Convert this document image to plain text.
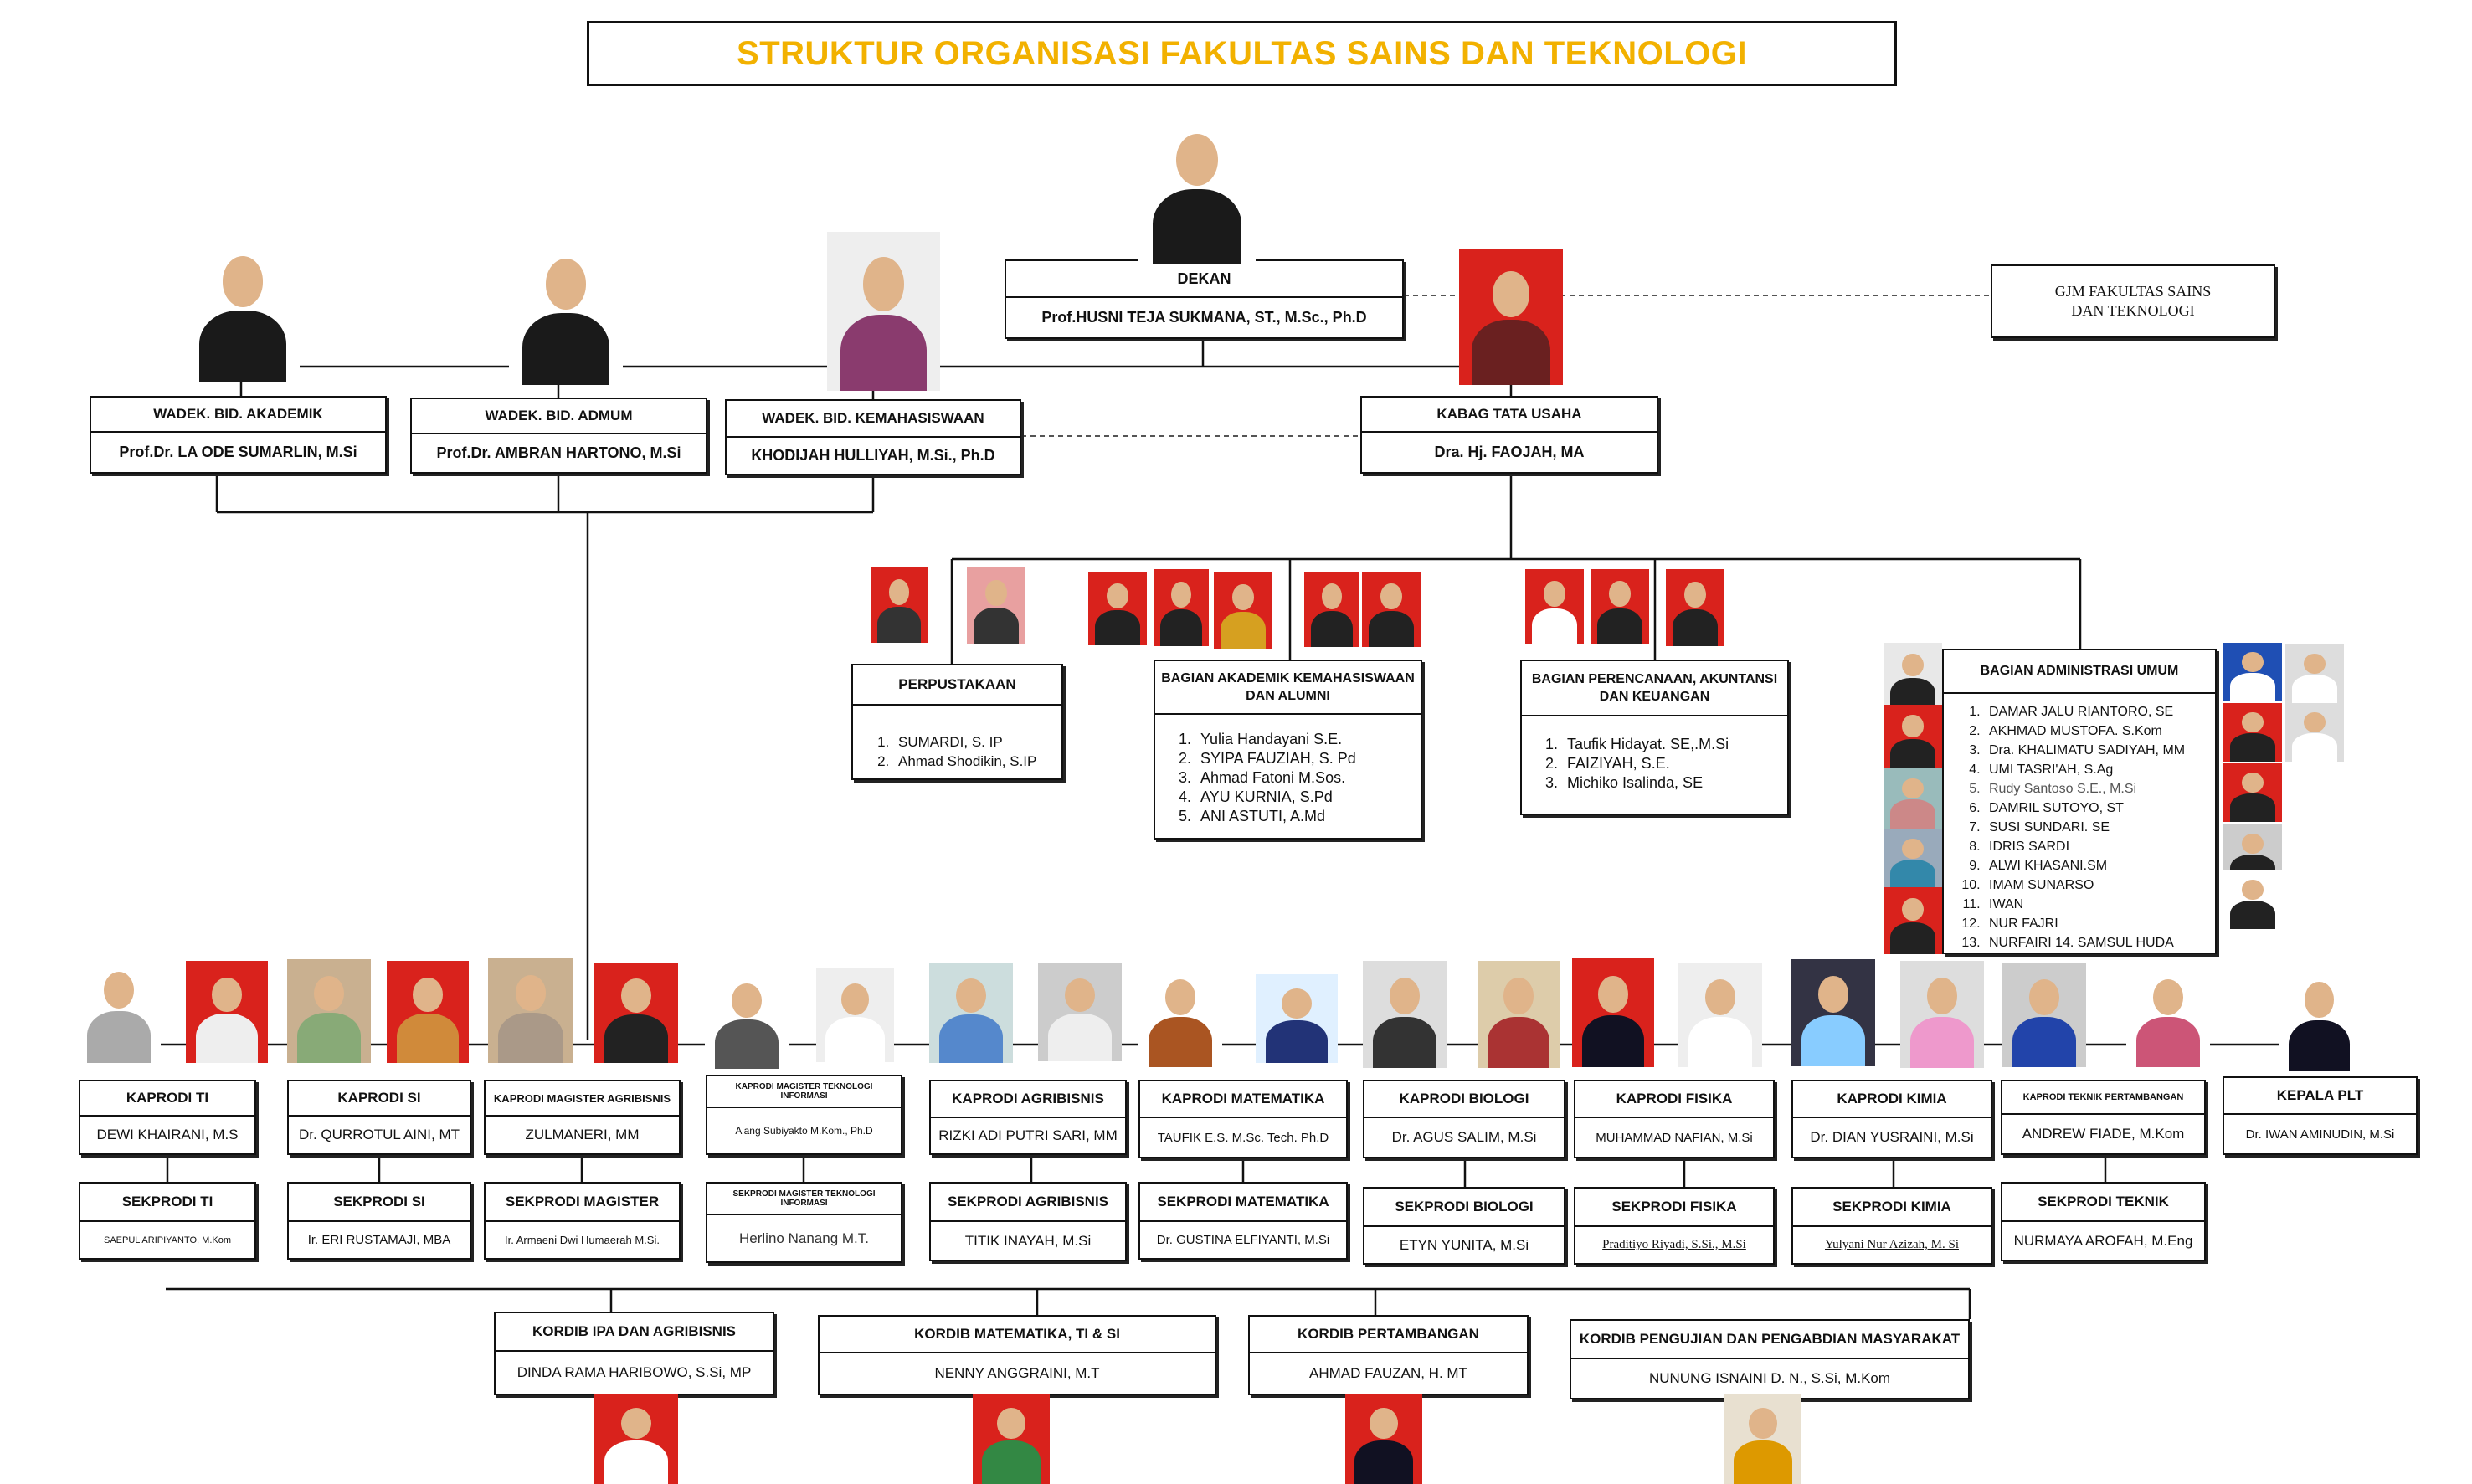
STRUKTUR ORGANISASI FAKULTAS SAINS DAN TEKNOLOGI
GJM FAKULTAS SAINS DAN TEKNOLOGI
DEKAN
Prof.HUSNI TEJA SUKMANA, ST., M.Sc., Ph.D
WADEK. BID. AKADEMIK
Prof.Dr. LA ODE SUMARLIN, M.Si
WADEK. BID. ADMUM
Prof.Dr. AMBRAN HARTONO, M.Si
WADEK. BID. KEMAHASISWAAN
KHODIJAH HULLIYAH, M.Si., Ph.D
KABAG TATA USAHA
Dra. Hj. FAOJAH, MA
PERPUSTAKAAN
1. SUMARDI, S. IP
2. Ahmad Shodikin, S.IP
BAGIAN AKADEMIK KEMAHASISWAAN DAN ALUMNI
1. Yulia Handayani S.E.
2. SYIPA FAUZIAH, S. Pd
3. Ahmad Fatoni M.Sos.
4. AYU KURNIA, S.Pd
5. ANI ASTUTI, A.Md
BAGIAN PERENCANAAN, AKUNTANSI DAN KEUANGAN
1. Taufik Hidayat. SE,.M.Si
2. FAIZIYAH, S.E.
3. Michiko Isalinda, SE
BAGIAN ADMINISTRASI UMUM
1. DAMAR JALU RIANTORO, SE
2. AKHMAD MUSTOFA. S.Kom
3. Dra. KHALIMATU SADIYAH, MM
4. UMI TASRI'AH, S.Ag
5. Rudy Santoso S.E., M.Si
6. DAMRIL SUTOYO, ST
7. SUSI SUNDARI. SE
8. IDRIS SARDI
9. ALWI KHASANI.SM
10. IMAM SUNARSO
11. IWAN
12. NUR FAJRI
13. NURFAIRI 14. SAMSUL HUDA
KAPRODI TI
DEWI KHAIRANI, M.S
KAPRODI SI
Dr. QURROTUL AINI, MT
KAPRODI MAGISTER AGRIBISNIS
ZULMANERI, MM
KAPRODI MAGISTER TEKNOLOGI INFORMASI
A'ang Subiyakto M.Kom., Ph.D
KAPRODI AGRIBISNIS
RIZKI ADI PUTRI SARI, MM
KAPRODI MATEMATIKA
TAUFIK E.S. M.Sc. Tech. Ph.D
KAPRODI BIOLOGI
Dr. AGUS SALIM, M.Si
KAPRODI FISIKA
MUHAMMAD NAFIAN, M.Si
KAPRODI KIMIA
Dr. DIAN YUSRAINI, M.Si
KAPRODI TEKNIK PERTAMBANGAN
ANDREW FIADE, M.Kom
KEPALA PLT
Dr. IWAN AMINUDIN, M.Si
SEKPRODI TI
SAEPUL ARIPIYANTO, M.Kom
SEKPRODI SI
Ir. ERI RUSTAMAJI, MBA
SEKPRODI MAGISTER
Ir. Armaeni Dwi Humaerah M.Si.
SEKPRODI MAGISTER TEKNOLOGI INFORMASI
Herlino Nanang M.T.
SEKPRODI AGRIBISNIS
TITIK INAYAH, M.Si
SEKPRODI MATEMATIKA
Dr. GUSTINA ELFIYANTI, M.Si
SEKPRODI BIOLOGI
ETYN YUNITA, M.Si
SEKPRODI FISIKA
Praditiyo Riyadi, S.Si., M.Si
SEKPRODI KIMIA
Yulyani Nur Azizah, M. Si
SEKPRODI TEKNIK
NURMAYA AROFAH, M.Eng
KORDIB IPA DAN AGRIBISNIS
DINDA RAMA HARIBOWO, S.Si, MP
KORDIB MATEMATIKA, TI & SI
NENNY ANGGRAINI, M.T
KORDIB PERTAMBANGAN
AHMAD FAUZAN, H. MT
KORDIB PENGUJIAN DAN PENGABDIAN MASYARAKAT
NUNUNG ISNAINI D. N., S.Si, M.Kom
